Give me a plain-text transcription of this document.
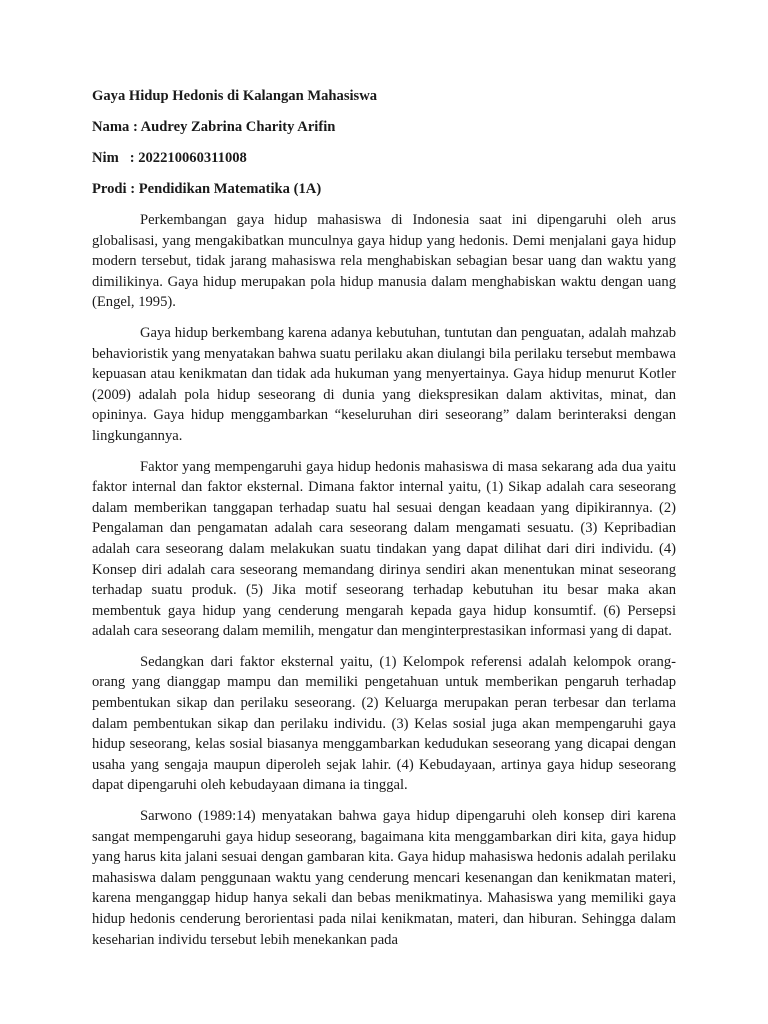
Gaya Hidup Hedonis di Kalangan Mahasiswa
Nama : Audrey Zabrina Charity Arifin
Nim   : 202210060311008
Prodi : Pendidikan Matematika (1A)

Perkembangan gaya hidup mahasiswa di Indonesia saat ini dipengaruhi oleh arus globalisasi, yang mengakibatkan munculnya gaya hidup yang hedonis. Demi menjalani gaya hidup modern tersebut, tidak jarang mahasiswa rela menghabiskan sebagian besar uang dan waktu yang dimilikinya. Gaya hidup merupakan pola hidup manusia dalam menghabiskan waktu dengan uang (Engel, 1995).

Gaya hidup berkembang karena adanya kebutuhan, tuntutan dan penguatan, adalah mahzab behavioristik yang menyatakan bahwa suatu perilaku akan diulangi bila perilaku tersebut membawa kepuasan atau kenikmatan dan tidak ada hukuman yang menyertainya. Gaya hidup menurut Kotler (2009) adalah pola hidup seseorang di dunia yang diekspresikan dalam aktivitas, minat, dan opininya. Gaya hidup menggambarkan “keseluruhan diri seseorang” dalam berinteraksi dengan lingkungannya.

Faktor yang mempengaruhi gaya hidup hedonis mahasiswa di masa sekarang ada dua yaitu faktor internal dan faktor eksternal. Dimana faktor internal yaitu, (1) Sikap adalah cara seseorang dalam memberikan tanggapan terhadap suatu hal sesuai dengan keadaan yang dipikirannya. (2) Pengalaman dan pengamatan adalah cara seseorang dalam mengamati sesuatu. (3) Kepribadian adalah cara seseorang dalam melakukan suatu tindakan yang dapat dilihat dari diri individu. (4) Konsep diri adalah cara seseorang memandang dirinya sendiri akan menentukan minat seseorang terhadap suatu produk. (5) Jika motif seseorang terhadap kebutuhan itu besar maka akan membentuk gaya hidup yang cenderung mengarah kepada gaya hidup konsumtif. (6) Persepsi adalah cara seseorang dalam memilih, mengatur dan menginterprestasikan informasi yang di dapat.

Sedangkan dari faktor eksternal yaitu, (1) Kelompok referensi adalah kelompok orang-orang yang dianggap mampu dan memiliki pengetahuan untuk memberikan pengaruh terhadap pembentukan sikap dan perilaku seseorang. (2) Keluarga merupakan peran terbesar dan terlama dalam pembentukan sikap dan perilaku individu. (3) Kelas sosial juga akan mempengaruhi gaya hidup seseorang, kelas sosial biasanya menggambarkan kedudukan seseorang yang dicapai dengan usaha yang sengaja maupun diperoleh sejak lahir. (4) Kebudayaan, artinya gaya hidup seseorang dapat dipengaruhi oleh kebudayaan dimana ia tinggal.

Sarwono (1989:14) menyatakan bahwa gaya hidup dipengaruhi oleh konsep diri karena sangat mempengaruhi gaya hidup seseorang, bagaimana kita menggambarkan diri kita, gaya hidup yang harus kita jalani sesuai dengan gambaran kita. Gaya hidup mahasiswa hedonis adalah perilaku mahasiswa dalam penggunaan waktu yang cenderung mencari kesenangan dan kenikmatan materi, karena menganggap hidup hanya sekali dan bebas menikmatinya. Mahasiswa yang memiliki gaya hidup hedonis cenderung berorientasi pada nilai kenikmatan, materi, dan hiburan. Sehingga dalam keseharian individu tersebut lebih menekankan pada
